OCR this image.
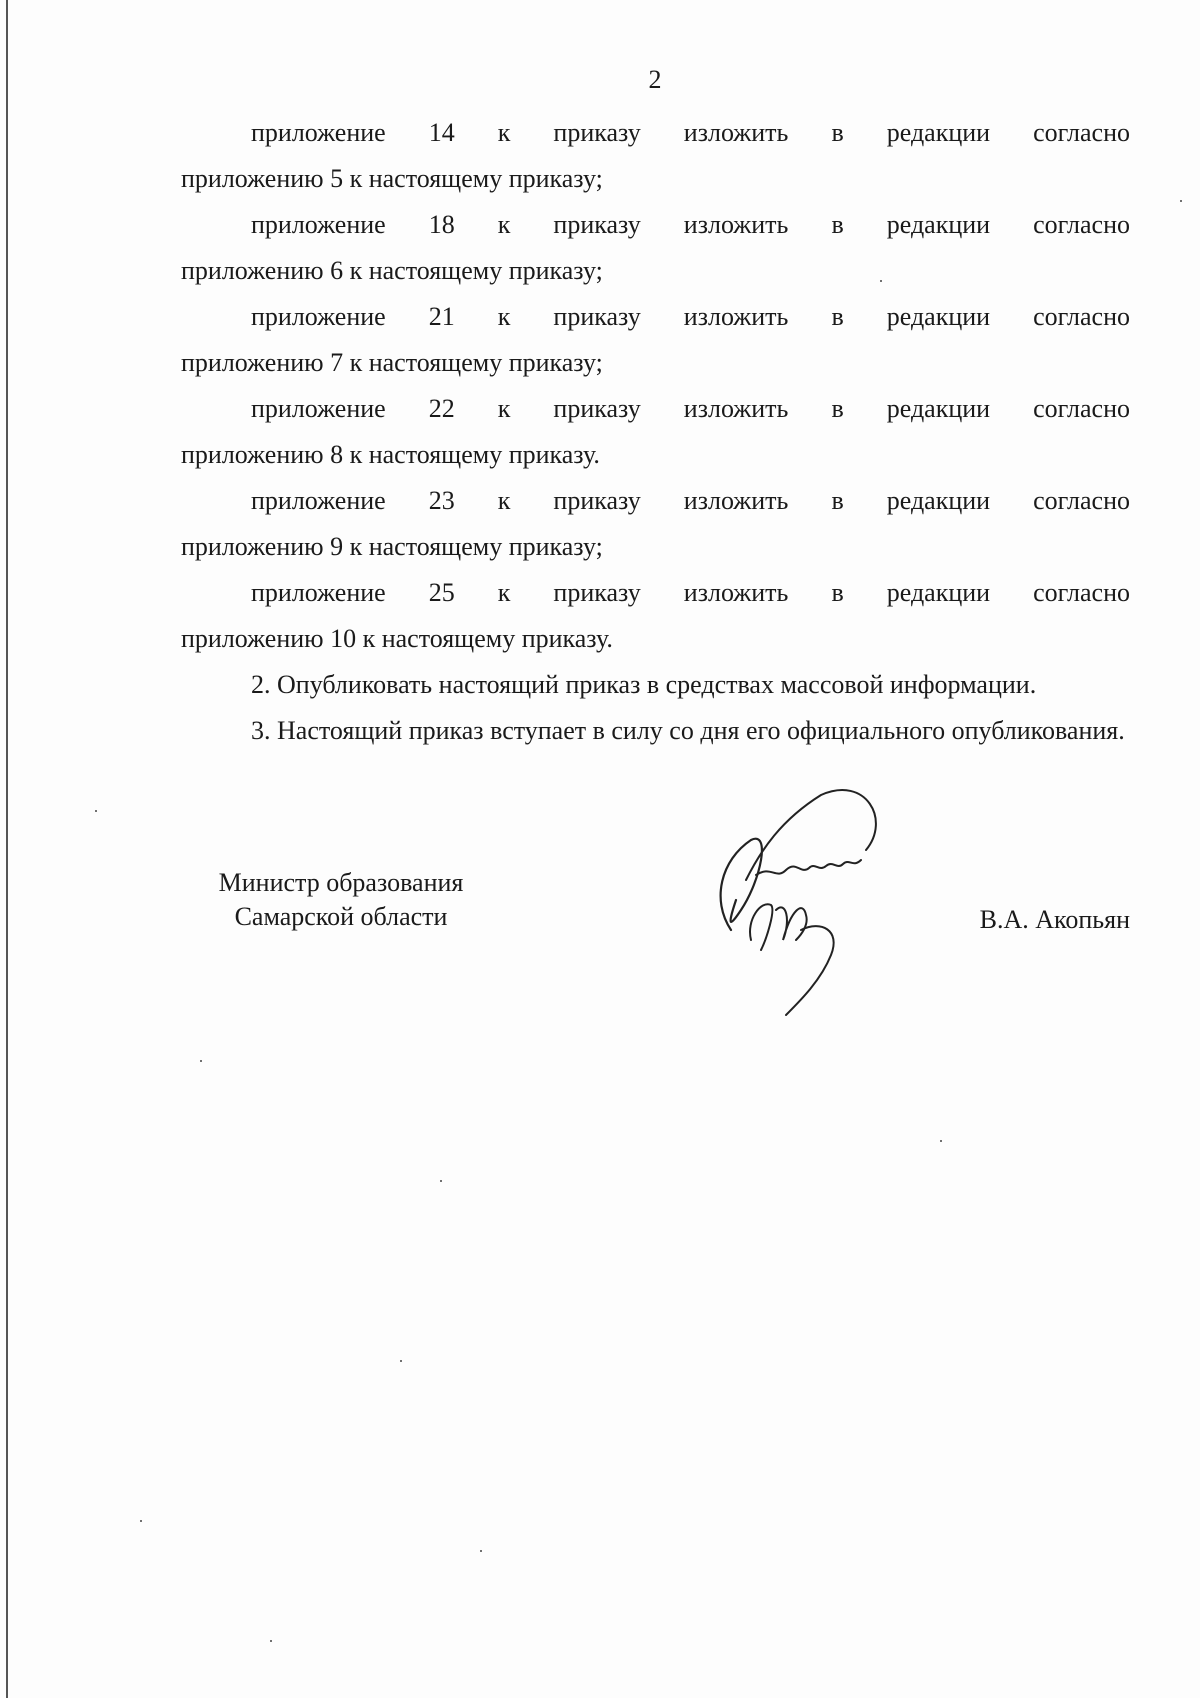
2
приложение 14 к приказу изложить в редакции согласно
приложению 5 к настоящему приказу;
приложение 18 к приказу изложить в редакции согласно
приложению 6 к настоящему приказу;
приложение 21 к приказу изложить в редакции согласно
приложению 7 к настоящему приказу;
приложение 22 к приказу изложить в редакции согласно
приложению 8 к настоящему приказу.
приложение 23 к приказу изложить в редакции согласно
приложению 9 к настоящему приказу;
приложение 25 к приказу изложить в редакции согласно
приложению 10 к настоящему приказу.

2. Опубликовать настоящий приказ в средствах массовой информации.

3. Настоящий приказ вступает в силу со дня его официального опубликования.

Министр образования
Самарской области	В.А. Акопьян
